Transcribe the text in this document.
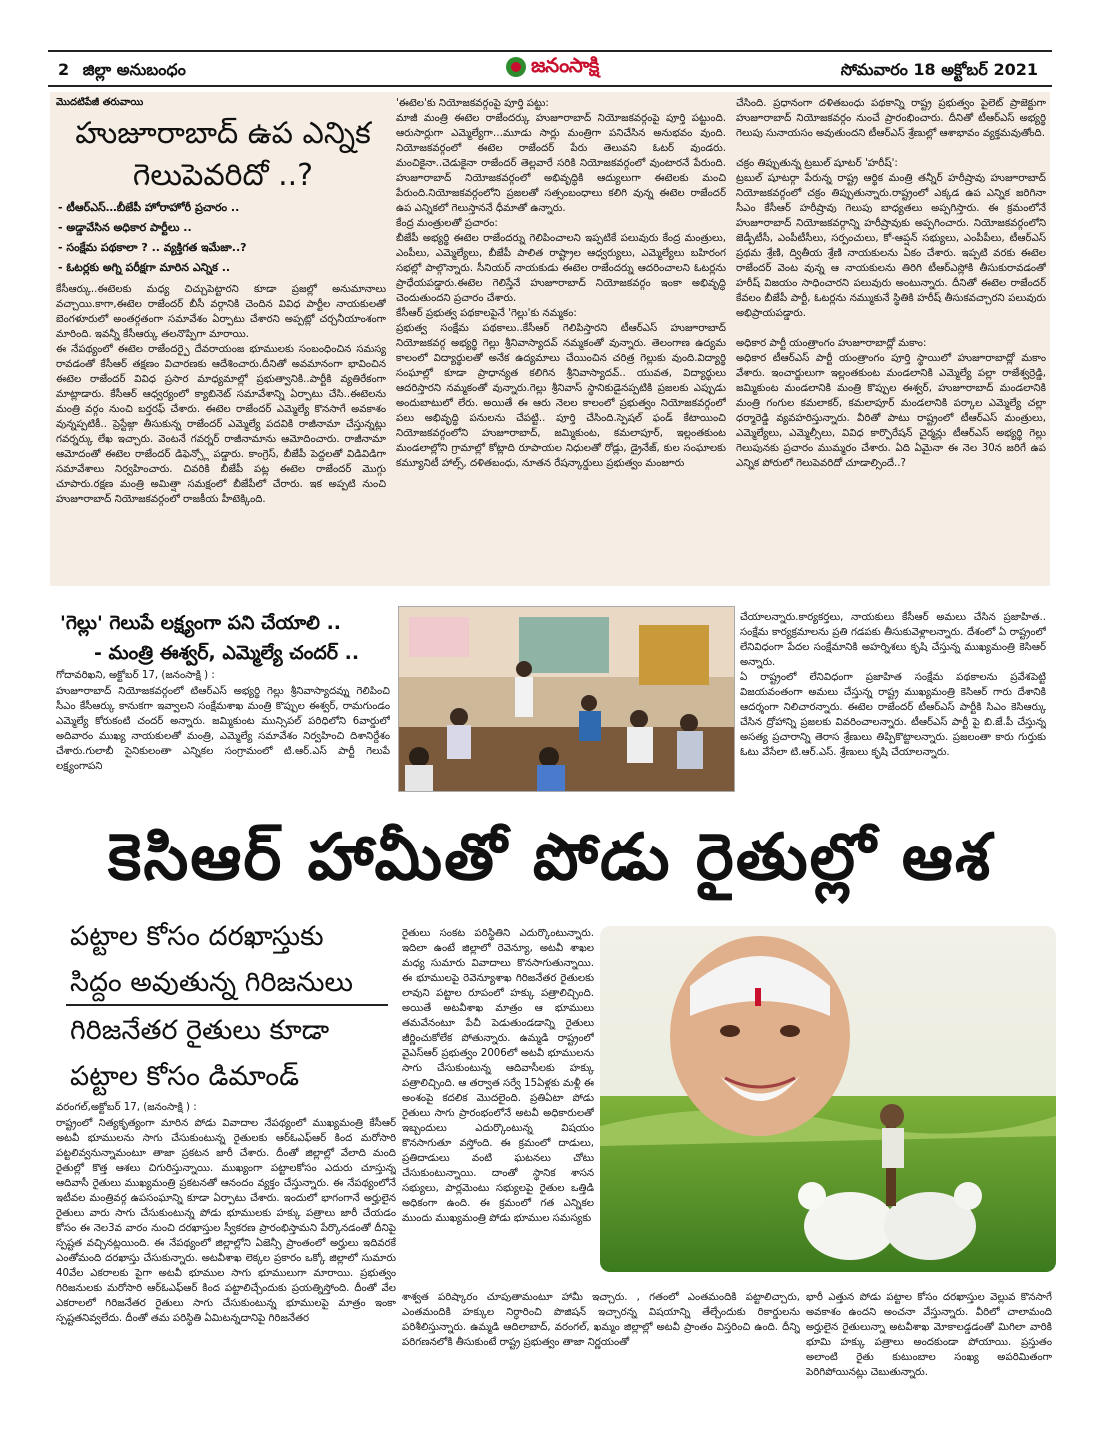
2 జిల్లా అనుబంధం	జనంసాక్షి	సోమవారం 18 అక్టోబర్ 2021
మొదటిపేజీ తరువాయి
హుజూరాబాద్ ఉప ఎన్నిక
గెలుపెవరిదో ..?
- టీఆర్ఎస్…బీజేపీ హోరాహోరీ ప్రచారం ..
- అడ్డావేసిన అధికార పార్టీలు ..
- సంక్షేమ పథకాలా ? .. వ్యక్తిగత ఇమేజా..?
- ఓటర్లకు అగ్ని పరీక్షగా మారిన ఎన్నిక ..
కేసీఆర్కు..ఈటెలకు మధ్య చిచ్చుపెట్టారని కూడా ప్రజల్లో అనుమానాలు వచ్చాయి.కాగా,ఈటెల రాజేందర్ బీసీ వర్గానికి చెందిన వివిధ పార్టీల నాయకులతో బెంగళూరులో అంతర్గతంగా సమావేశం ఏర్పాటు చేశారని అప్పట్లో చర్చనీయాంశంగా మారింది. ఇవన్నీ కేసీఆర్కు తలనొప్పిగా మారాయి.
ఈ నేపథ్యంలో ఈటెల రాజేందర్పై దేవరాయంజ భూములకు సంబంధించిన సమస్య రావడంతో కేసీఆర్ తక్షణం విచారణకు ఆదేశించారు.దీనితో అవమానంగా భావించిన ఈటెల రాజేందర్ వివిధ ప్రసార మాధ్యమాల్లో ప్రభుత్వానికి..పార్టీకి వ్యతిరేకంగా మాట్లాడారు. కేసీఆర్ ఆధ్వర్యంలో క్యాబినెట్ సమావేశాన్ని ఏర్పాటు చేసి..ఈటెలను మంత్రి వర్గం నుంచి బర్తరఫ్ చేశారు. ఈటెల రాజేందర్ ఎమ్మెల్యే కొనసాగే అవకాశం వున్నప్పటికీ.. ప్రెస్టేజ్గా తీసుకున్న రాజేందర్ ఎమ్మెల్యే పదవికి రాజీనామా చేస్తున్నట్లు గవర్నర్కు లేఖ ఇచ్చారు. వెంటనే గవర్నర్ రాజీనామాను ఆమోదించారు. రాజీనామా ఆమోదంతో ఈటెల రాజేందర్ డిఫెన్స్లో పడ్డారు. కాంగ్రెస్, బీజేపీ పెద్దలతో విడివిడిగా సమావేశాలు నిర్వహించారు. చివరికి బీజేపీ పట్ల ఈటెల రాజేందర్ మొగ్గు చూపారు.రక్షణ మంత్రి అమిత్షా సమక్షంలో బీజేపీలో చేరారు. ఇక అప్పటి నుంచి హుజూరాబాద్ నియోజకవర్గంలో రాజకీయ హీటెక్కింది.
'ఈటెల'కు నియోజకవర్గంపై పూర్తి పట్టు:
మాజీ మంత్రి ఈటెల రాజేందర్కు హుజూరాబాద్ నియోజకవర్గంపై పూర్తి పట్టుంది. ఆరుసార్లుగా ఎమ్మెల్యేగా…మూడు సార్లు మంత్రిగా పనిచేసిన అనుభవం వుంది. నియోజకవర్గంలో ఈటెల రాజేందర్ పేరు తెలువని ఓటర్ వుండరు. మంచికైనా..చెడుకైనా రాజేందర్ తెల్లవారే సరికి నియోజకవర్గంలో వుంటారనే పేరుంది. హుజూరాబాద్ నియోజకవర్గంలో అభివృద్ధికి ఆద్యులుగా ఈటెలకు మంచి పేరుంది.నియోజకవర్గంలోని ప్రజలతో సత్సంబంధాలు కలిగి వున్న ఈటెల రాజేందర్ ఉప ఎన్నికలో గెలుస్తాననే ధీమాతో ఉన్నారు.
కేంద్ర మంత్రులతో ప్రచారం:
బీజేపీ అభ్యర్థి ఈటెల రాజేందర్ను గెలిపించాలని ఇప్పటికే పలువురు కేంద్ర మంత్రులు, ఎంపీలు, ఎమ్మెల్యేలు, బీజేపీ పాలిత రాష్ట్రాల ఆధ్వర్యులు, ఎమ్మెల్యేలు బహిరంగ సభల్లో పాల్గొన్నారు. సీనియర్ నాయకుడు ఈటెల రాజేందర్ను ఆదరించాలని ఓటర్లను ప్రాధేయపడ్డారు.ఈటెల గెలిస్తేనే హుజూరాబాద్ నియోజకవర్గం ఇంకా అభివృద్ధి చెందుతుందని ప్రచారం చేశారు.
కేసీఆర్ ప్రభుత్వ పథకాలపైనే 'గెల్లు'కు నమ్మకం:
ప్రభుత్వ సంక్షేమ పథకాలు..కేసీఆర్ గెలిపిస్తారని టీఆర్ఎస్ హుజూరాబాద్ నియోజకవర్గ అభ్యర్థి గెల్లు శ్రీనివాస్యాదవ్ నమ్మకంతో వున్నారు. తెలంగాణ ఉద్యమ కాలంలో విద్యార్థులతో అనేక ఉద్యమాలు చేయించిన చరిత్ర గెల్లుకు వుంది.విద్యార్థి సంఘాల్లో కూడా ప్రాధాన్యత కలిగిన శ్రీనివాస్యాదవ్.. యువత, విద్యార్థులు ఆదరిస్తారని నమ్మకంతో వున్నారు.గెల్లు శ్రీనివాస్ స్థానికుడైనప్పటికి ప్రజలకు ఎప్పుడు అందుబాటులో లేరు. అయితే ఈ ఆరు నెలల కాలంలో ప్రభుత్వం నియోజకవర్గంలో పలు అభివృద్ధి పనులను చేపట్టి.. పూర్తి చేసింది.స్పెషల్ ఫండ్ కేటాయించి నియోజకవర్గంలోని హుజూరాబాద్, జమ్మికుంట, కమలాపూర్, ఇల్లంతకుంట మండలాల్లోని గ్రామాల్లో కోట్లాది రూపాయల నిధులతో రోడ్లు, డ్రైనేజ్, కుల సంఘాలకు కమ్యూనిటీ హాల్స్, దళితబంధు, నూతన రేషన్కార్డులు ప్రభుత్వం మంజూరు
చేసింది. ప్రధానంగా దళితబంధు పథకాన్ని రాష్ట్ర ప్రభుత్వం పైలెట్ ప్రాజెక్టుగా హుజూరాబాద్ నియోజకవర్గం నుంచే ప్రారంభించారు. దీనితో టీఆర్ఎస్ అభ్యర్థి గెలుపు సునాయసం అవుతుందని టీఆర్ఎస్ శ్రేణుల్లో ఆశాభావం వ్యక్తమవుతోంది.

చక్రం తిప్పుతున్న ట్రబుల్ షూటర్ 'హరీష్':
ట్రబుల్ షూటర్గా పేరున్న రాష్ట్ర ఆర్థిక మంత్రి తన్నీర్ హరీష్రావు హుజూరాబాద్ నియోజకవర్గంలో చక్రం తిప్పుతున్నారు.రాష్ట్రంలో ఎక్కడ ఉప ఎన్నిక జరిగినా సీఎం కేసీఆర్ హరీష్రావు గెలుపు బాధ్యతలు అప్పగిస్తారు. ఈ క్రమంలోనే హుజూరాబాద్ నియోజకవర్గాన్ని హరీష్రావుకు అప్పగించారు. నియోజకవర్గంలోని జెడ్పీటీసీ, ఎంపీటీసీలు, సర్పంచులు, కో-ఆప్షన్ సభ్యులు, ఎంపీపీలు, టీఆర్ఎస్ ప్రథమ శ్రేణి, ద్వితీయ శ్రేణి నాయకులను ఏకం చేశారు. ఇప్పటి వరకు ఈటెల రాజేందర్ వెంట వున్న ఆ నాయకులను తిరిగి టీఆర్ఎస్లోకి తీసుకురావడంతో హరీష్ విజయం సాధించారని పలువురు అంటున్నారు. దీనితో ఈటెల రాజేందర్ కేవలం బీజేపీ పార్టీ, ఓటర్లను నమ్ముకునే స్థితికి హరీష్ తీసుకవచ్చారని పలువురు అభిప్రాయపడ్డారు.

అధికార పార్టీ యంత్రాంగం హుజూరాబాద్లో మకాం:
అధికార టీఆర్ఎస్ పార్టీ యంత్రాంగం పూర్తి స్థాయిలో హుజూరాబాద్లో మకాం వేశారు. ఇంచార్జులుగా ఇల్లంతకుంట మండలానికి ఎమ్మెల్యే పల్లా రాజేశ్వర్రెడ్డి, జమ్మికుంట మండలానికి మంత్రి కొప్పుల ఈశ్వర్, హుజూరాబాద్ మండలానికి మంత్రి గంగుల కమలాకర్, కమలాపూర్ మండలానికి పర్కాల ఎమ్మెల్యే చల్లా ధర్మారెడ్డి వ్యవహరిస్తున్నారు. వీరితో పాటు రాష్ట్రంలో టీఆర్ఎస్ మంత్రులు, ఎమ్మెల్యేలు, ఎమ్మెల్సీలు, వివిధ కార్పొరేషన్ చైర్మన్లు టీఆర్ఎస్ అభ్యర్థి గెల్లు గెలుపునకు ప్రచారం ముమ్మరం చేశారు. ఏది ఏమైనా ఈ నెల 30న జరిగే ఉప ఎన్నిక పోరులో గెలుపెవరిదో చూడాల్సిందే..?
'గెల్లు' గెలుపే లక్ష్యంగా పని చేయాలి ..
- మంత్రి ఈశ్వర్, ఎమ్మెల్యే చందర్ ..
గోదావరిఖని, అక్టోబర్ 17, (జనంసాక్షి ) :
హుజూరాబాద్ నియోజకవర్గంలో టిఆర్ఎస్ అభ్యర్థి గెల్లు శ్రీనివాస్యాదవ్ను గెలిపించి సీఎం కేసీఆర్కు కానుకగా ఇవ్వాలని సంక్షేమశాఖ మంత్రి కొప్పుల ఈశ్వర్, రామగుండం ఎమ్మెల్యే కోరుకంటి చందర్ అన్నారు. జమ్మికుంట మున్సిపల్ పరిధిలోని 6వార్డులో అదివారం ముఖ్య నాయకులతో మంత్రి, ఎమ్మెల్యే సమావేశం నిర్వహించి దిశానిర్దేశం చేశారు.గులాబీ సైనికులంతా ఎన్నికల సంగ్రామంలో టి.ఆర్.ఎస్ పార్టీ గెలుపే లక్ష్యంగాపని
చేయాలన్నారు.కార్యకర్తలు, నాయకులు కేసీఆర్ అమలు చేసిన ప్రజాహిత.. సంక్షేమ కార్యక్రమాలను ప్రతి గడపకు తీసుకువెళ్లాలన్నారు. దేశంలో ఏ రాష్ట్రంలో లేనివిధంగా పేదల సంక్షేమానికి అహర్నిశలు కృషి చేస్తున్న ముఖ్యమంత్రి కెసిఆర్ అన్నారు.
ఏ రాష్ట్రంలో లేనివిధంగా ప్రజాహిత సంక్షేమ పథకాలను ప్రవేశపెట్టి విజయవంతంగా అమలు చేస్తున్న రాష్ట్ర ముఖ్యమంత్రి కెసిఆర్ గారు దేశానికి ఆదర్శంగా నిలిచారన్నారు. ఈటెల రాజేందర్ టీఆర్ఎస్ పార్టీకి సిఎం కెసిఆర్కు చేసిన ద్రోహాన్ని ప్రజలకు వివరించాలన్నారు. టీఆర్ఎస్ పార్టీ పై బి.జే.పీ చేస్తున్న అసత్య ప్రచారాన్ని తెరాస శ్రేణులు తిప్పికొట్టాలన్నారు. ప్రజలంతా కారు గుర్తుకు ఓటు వేసేలా టి.ఆర్.ఎస్. శ్రేణులు కృషి చేయాలన్నారు.
కెసిఆర్ హామీతో పోడు రైతుల్లో ఆశ
పట్టాల కోసం దరఖాస్తుకు
సిద్దం అవుతున్న గిరిజనులు
గిరిజనేతర రైతులు కూడా
పట్టాల కోసం డిమాండ్
వరంగల్,అక్టోబర్ 17, (జనంసాక్షి ) :
రాష్ట్రంలో నిత్యకృత్యంగా మారిన పోడు వివాదాల నేపథ్యంలో ముఖ్యమంత్రి కేసీఆర్ అటవీ భూములను సాగు చేసుకుంటున్న రైతులకు ఆర్ఓఎఫ్ఆర్ కింద మరోసారి పట్టలివ్వనున్నామంటూ తాజా ప్రకటన జారీ చేశారు. దీంతో జిల్లాల్లో వేలాది మంది రైతుల్లో కొత్త ఆశలు చిగురిస్తున్నాయి. ముఖ్యంగా పట్టాలకోసం ఎదురు చూస్తున్న ఆదివాసీ రైతులు ముఖ్యమంత్రి ప్రకటనతో ఆనందం వ్యక్తం చేస్తున్నారు. ఈ నేపథ్యంలోనే ఇటీవల మంత్రివర్గ ఉపసంఘాన్ని కూడా ఏర్పాటు చేశారు. ఇందులో భాగంగానే అర్హులైన రైతులు వారు సాగు చేసుకుంటున్న పోడు భూములకు హక్కు పత్రాలు జారీ చేయడం కోసం ఈ నెల3వ వారం నుంచి దరఖాస్తుల స్వీకరణ ప్రారంభిస్తామని పేర్కొనడంతో దీనిపై స్పష్టత వచ్చినట్లయింది. ఈ నేపథ్యంలో జిల్లాల్లోని ఏజెన్సీ ప్రాంతంలో అర్హులు ఇదివరకే ఎంతోమంది దరఖాస్తు చేసుకున్నారు. అటవీశాఖ లెక్కల ప్రకారం ఒక్కో జిల్లాలో సుమారు 40వేల ఎకరాలకు పైగా అటవీ భూముల సాగు భూములుగా మారాయి. ప్రభుత్వం గిరిజనులకు మరోసారి ఆర్ఓఎఫ్ఆర్ కింద పట్టాలిచ్చేందుకు ప్రయత్నిస్తోంది. దీంతో వేల ఎకరాలలో గిరిజనేతర రైతులు సాగు చేసుకుంటున్న భూములపై మాత్రం ఇంకా స్పష్టతనివ్వలేదు. దీంతో తమ పరిస్థితి ఏమిటన్నదానిపై గిరిజనేతర
రైతులు సంకట పరిస్థితిని ఎదుర్కొంటున్నారు. ఇదిలా ఉంటే జిల్లాలో రెవెన్యూ, అటవీ శాఖల మధ్య సుమారు వివాదాలు కొనసాగుతున్నాయి. ఈ భూములపై రెవెన్యూశాఖ గిరిజనేతర రైతులకు లావుని పట్టాల రూపంలో హక్కు పత్రాలిచ్చింది. అయితే అటవీశాఖ మాత్రం ఆ భూములు తమవేనంటూ పేచీ పెడుతుండడాన్ని రైతులు జీర్ణించుకోలేక పోతున్నారు. ఉమ్మడి రాష్ట్రంలో వైఎస్ఆర్ ప్రభుత్వం 2006లో అటవీ భూములను సాగు చేసుకుంటున్న ఆదివాసీలకు హక్కు పత్రాలిచ్చింది. ఆ తర్వాత సర్వే 15ఏళ్లకు మళ్లీ ఈ అంశంపై కదలిక మొదలైంది. ప్రతిఏటా పోడు రైతులు సాగు ప్రారంభంలోనే అటవీ అధికారులతో ఇబ్బందులు ఎదుర్కొంటున్న విషయం కొనసాగుతూ వస్తోంది. ఈ క్రమంలో దాడులు, ప్రతిదాడులు వంటి ఘటనలు చోటు చేసుకుంటున్నాయి. దాంతో స్థానిక శాసన సభ్యులు, పార్లమెంటు సభ్యులపై రైతుల ఒత్తిడి అధికంగా ఉంది. ఈ క్రమంలో గత ఎన్నికల ముందు ముఖ్యమంత్రి పోడు భూముల సమస్యకు
శాశ్వత పరిష్కారం చూపుతామంటూ హామీ ఇచ్చారు. , గతంలో ఎంతమందికి పట్టాలిచ్చారు, ఎంతమందికి హక్కుల నిర్ధారించి పొజిషన్ ఇచ్చారన్న విషయాన్ని తేల్చేందుకు రికార్డులను పరిశీలిస్తున్నారు. ఉమ్మడి ఆదిలాబాద్, వరంగల్, ఖమ్మం జిల్లాల్లో అటవీ ప్రాంతం విస్తరించి ఉంది. దీన్ని పరిగణనలోకి తీసుకుంటే రాష్ట్ర ప్రభుత్వం తాజా నిర్ణయంతో
భారీ ఎత్తున పోడు పట్టాల కోసం దరఖాస్తుల వెల్లువ కొనసాగే అవకాశం ఉందని అంచనా వేస్తున్నారు. వీరిలో చాలామంది అర్హులైన రైతులున్నా అటవీశాఖ మోకాలడ్డడంతో మిగిలా వారికి భూమి హక్కు పత్రాలు అందకుండా పోయాయి. ప్రస్తుతం అలాంటి రైతు కుటుంబాల సంఖ్య అపరిమితంగా పెరిగిపోయినట్లు చెబుతున్నారు.
